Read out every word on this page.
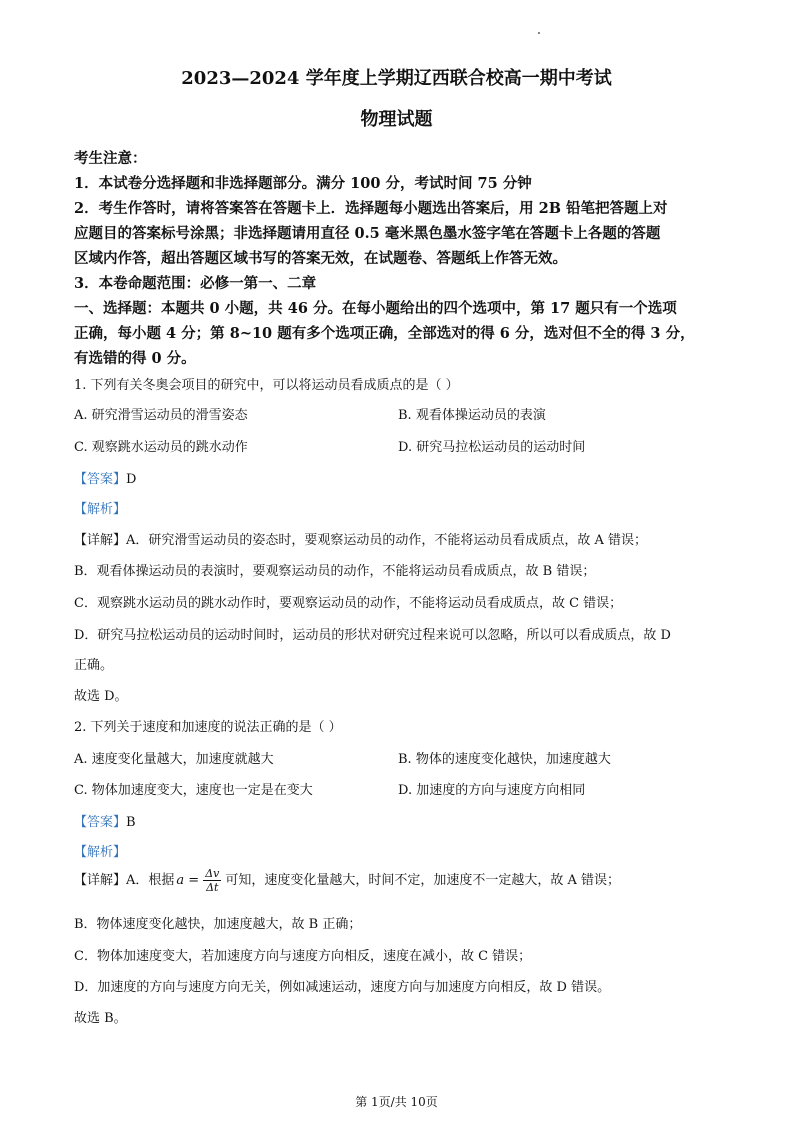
2023—2024 学年度上学期辽西联合校高一期中考试
物理试题
考生注意：
1．本试卷分选择题和非选择题部分。满分 100 分，考试时间 75 分钟
2．考生作答时，请将答案答在答题卡上．选择题每小题选出答案后，用 2B 铅笔把答题上对
应题目的答案标号涂黑；非选择题请用直径 0.5 毫米黑色墨水签字笔在答题卡上各题的答题
区域内作答，超出答题区域书写的答案无效，在试题卷、答题纸上作答无效。
3．本卷命题范围：必修一第一、二章
一、选择题：本题共 0 小题，共 46 分。在每小题给出的四个选项中，第 17 题只有一个选项
正确，每小题 4 分；第 8~10 题有多个选项正确，全部选对的得 6 分，选对但不全的得 3 分，
有选错的得 0 分。
1. 下列有关冬奥会项目的研究中，可以将运动员看成质点的是（ ）
A. 研究滑雪运动员的滑雪姿态	B. 观看体操运动员的表演
C. 观察跳水运动员的跳水动作	D. 研究马拉松运动员的运动时间
【答案】D
【解析】
【详解】A．研究滑雪运动员的姿态时，要观察运动员的动作，不能将运动员看成质点，故 A 错误；
B．观看体操运动员的表演时，要观察运动员的动作，不能将运动员看成质点，故 B 错误；
C．观察跳水运动员的跳水动作时，要观察运动员的动作，不能将运动员看成质点，故 C 错误；
D．研究马拉松运动员的运动时间时，运动员的形状对研究过程来说可以忽略，所以可以看成质点，故 D
正确。
故选 D。
2. 下列关于速度和加速度的说法正确的是（ ）
A. 速度变化量越大，加速度就越大	B. 物体的速度变化越快，加速度越大
C. 物体加速度变大，速度也一定是在变大	D. 加速度的方向与速度方向相同
【答案】B
【解析】
【详解】A．根据 $a = \frac{\Delta v}{\Delta t}$ 可知，速度变化量越大，时间不定，加速度不一定越大，故 A 错误；
B．物体速度变化越快，加速度越大，故 B 正确；
C．物体加速度变大，若加速度方向与速度方向相反，速度在减小，故 C 错误；
D．加速度的方向与速度方向无关，例如减速运动，速度方向与加速度方向相反，故 D 错误。
故选 B。
第 1页/共 10页
